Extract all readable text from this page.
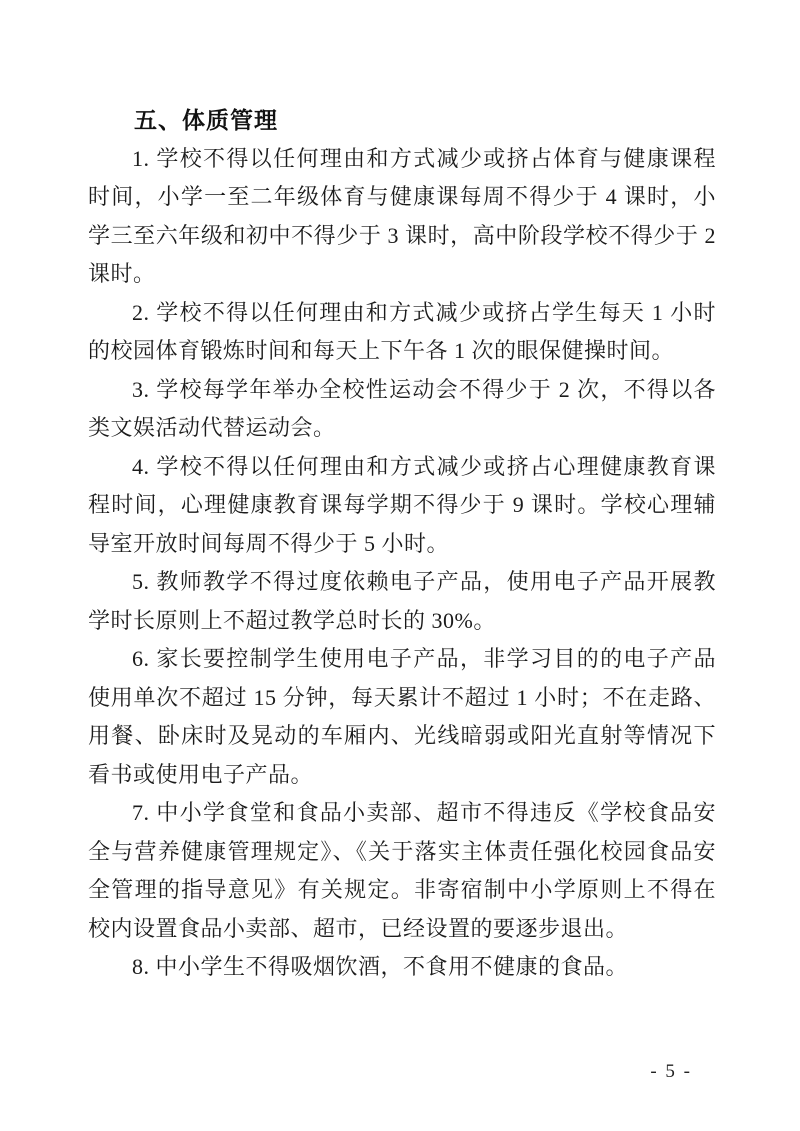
五、体质管理

1. 学校不得以任何理由和方式减少或挤占体育与健康课程时间，小学一至二年级体育与健康课每周不得少于 4 课时，小学三至六年级和初中不得少于 3 课时，高中阶段学校不得少于 2 课时。

2. 学校不得以任何理由和方式减少或挤占学生每天 1 小时的校园体育锻炼时间和每天上下午各 1 次的眼保健操时间。

3. 学校每学年举办全校性运动会不得少于 2 次，不得以各类文娱活动代替运动会。

4. 学校不得以任何理由和方式减少或挤占心理健康教育课程时间，心理健康教育课每学期不得少于 9 课时。学校心理辅导室开放时间每周不得少于 5 小时。

5. 教师教学不得过度依赖电子产品，使用电子产品开展教学时长原则上不超过教学总时长的 30%。

6. 家长要控制学生使用电子产品，非学习目的的电子产品使用单次不超过 15 分钟，每天累计不超过 1 小时；不在走路、用餐、卧床时及晃动的车厢内、光线暗弱或阳光直射等情况下看书或使用电子产品。

7. 中小学食堂和食品小卖部、超市不得违反《学校食品安全与营养健康管理规定》、《关于落实主体责任强化校园食品安全管理的指导意见》有关规定。非寄宿制中小学原则上不得在校内设置食品小卖部、超市，已经设置的要逐步退出。

8. 中小学生不得吸烟饮酒，不食用不健康的食品。

- 5 -
